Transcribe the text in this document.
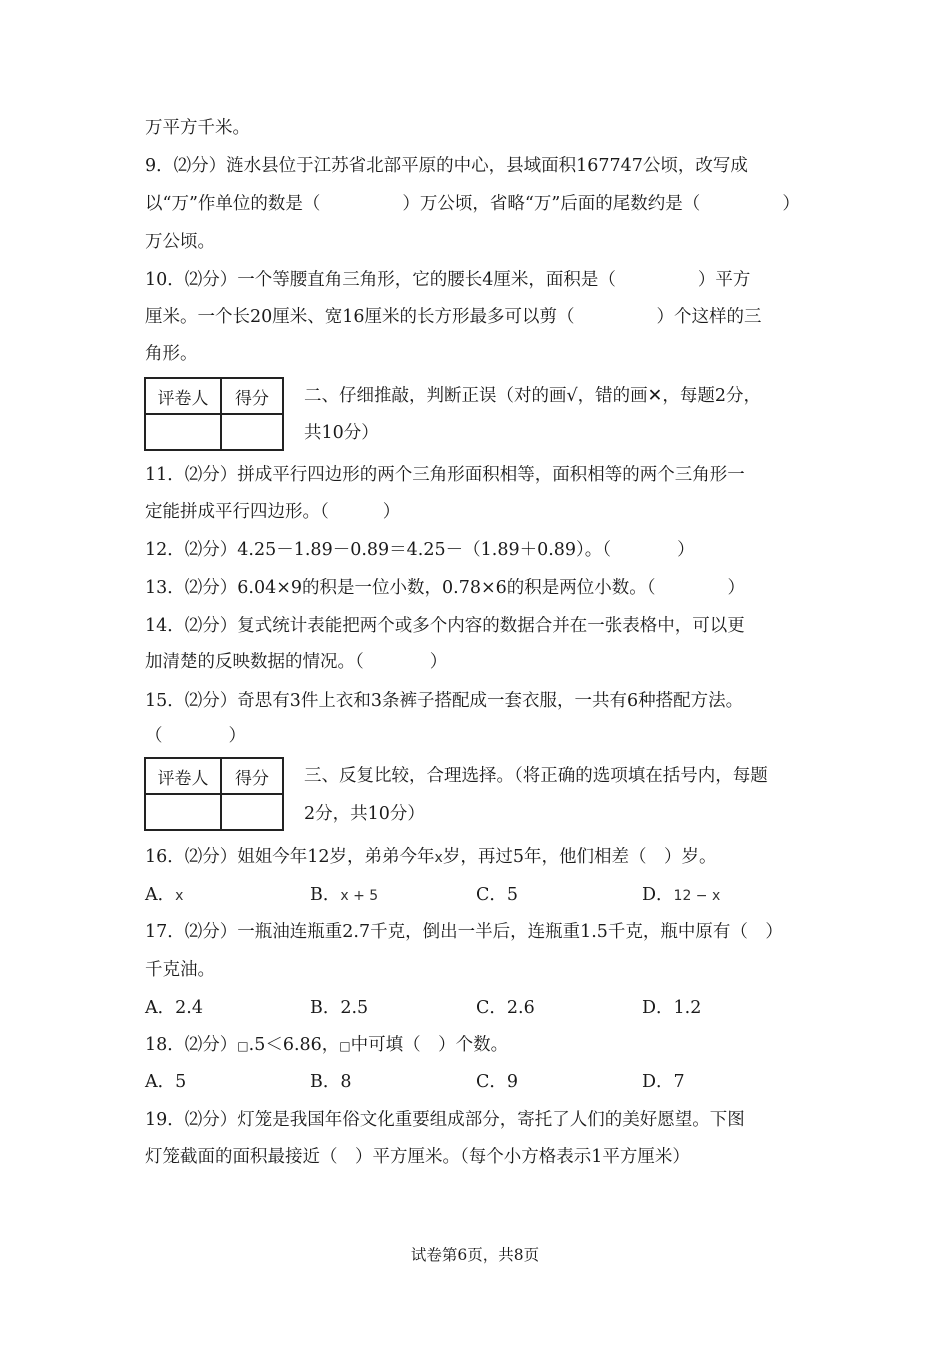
万平方千米。
9．⑵分）涟水县位于江苏省北部平原的中心，县域面积167747公顷，改写成
以“万”作单位的数是（	）万公顷，省略“万”后面的尾数约是（	）
万公顷。
10．⑵分）一个等腰直角三角形，它的腰长4厘米，面积是（	）平方
厘米。一个长20厘米、宽16厘米的长方形最多可以剪（	）个这样的三
角形。
评卷人	得分
	二、仔细推敲，判断正误（对的画√，错的画✕，每题2分，
共10分）
11．⑵分）拼成平行四边形的两个三角形面积相等，面积相等的两个三角形一
定能拼成平行四边形。（	）
12．⑵分）4.25－1.89－0.89＝4.25－（1.89＋0.89）。（	）
13．⑵分）6.04×9的积是一位小数，0.78×6的积是两位小数。（	）
14．⑵分）复式统计表能把两个或多个内容的数据合并在一张表格中，可以更
加清楚的反映数据的情况。（	）
15．⑵分）奇思有3件上衣和3条裤子搭配成一套衣服，一共有6种搭配方法。
（	）
评卷人	得分
	三、反复比较，合理选择。（将正确的选项填在括号内，每题
2分，共10分）
16．⑵分）姐姐今年12岁，弟弟今年x岁，再过5年，他们相差（　）岁。
A．x	B．x + 5	C．5	D．12 − x
17．⑵分）一瓶油连瓶重2.7千克，倒出一半后，连瓶重1.5千克，瓶中原有（　）
千克油。
A．2.4	B．2.5	C．2.6	D．1.2
18．⑵分）□.5＜6.86，□中可填（　）个数。
A．5	B．8	C．9	D．7
19．⑵分）灯笼是我国年俗文化重要组成部分，寄托了人们的美好愿望。下图
灯笼截面的面积最接近（　）平方厘米。（每个小方格表示1平方厘米）
试卷第6页，共8页
